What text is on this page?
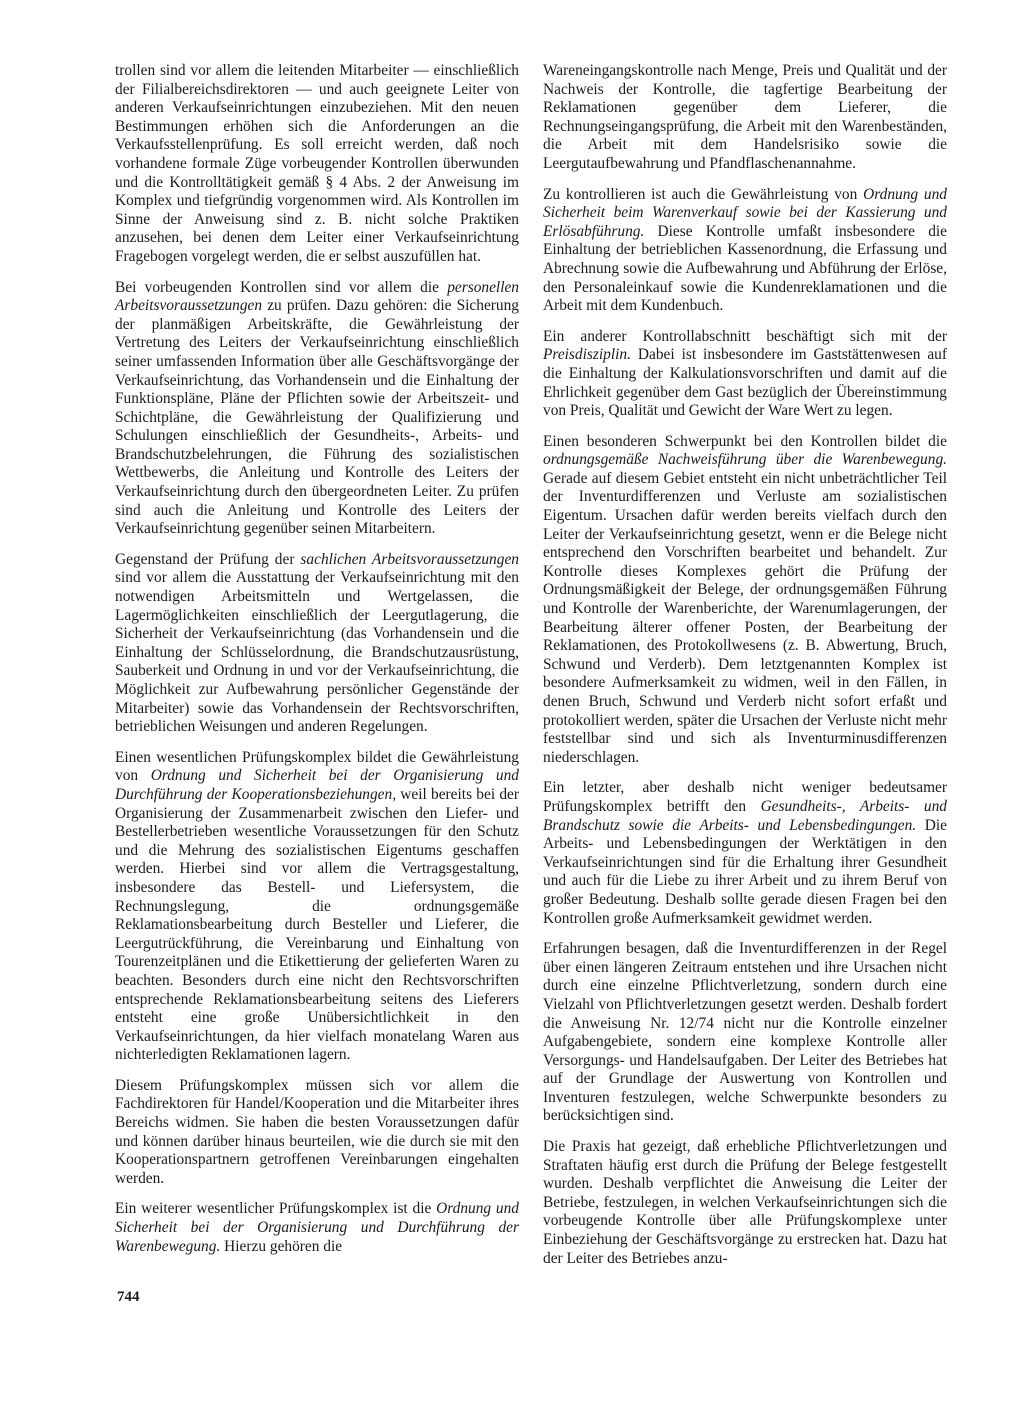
trollen sind vor allem die leitenden Mitarbeiter — einschließlich der Filialbereichsdirektoren — und auch geeignete Leiter von anderen Verkaufseinrichtungen einzubeziehen. Mit den neuen Bestimmungen erhöhen sich die Anforderungen an die Verkaufsstellenprüfung. Es soll erreicht werden, daß noch vorhandene formale Züge vorbeugender Kontrollen überwunden und die Kontrolltätigkeit gemäß § 4 Abs. 2 der Anweisung im Komplex und tiefgründig vorgenommen wird. Als Kontrollen im Sinne der Anweisung sind z. B. nicht solche Praktiken anzusehen, bei denen dem Leiter einer Verkaufseinrichtung Fragebogen vorgelegt werden, die er selbst auszufüllen hat.

Bei vorbeugenden Kontrollen sind vor allem die personellen Arbeitsvoraussetzungen zu prüfen. Dazu gehören: die Sicherung der planmäßigen Arbeitskräfte, die Gewährleistung der Vertretung des Leiters der Verkaufseinrichtung einschließlich seiner umfassenden Information über alle Geschäftsvorgänge der Verkaufseinrichtung, das Vorhandensein und die Einhaltung der Funktionspläne, Pläne der Pflichten sowie der Arbeitszeit- und Schichtpläne, die Gewährleistung der Qualifizierung und Schulungen einschließlich der Gesundheits-, Arbeits- und Brandschutzbelehrungen, die Führung des sozialistischen Wettbewerbs, die Anleitung und Kontrolle des Leiters der Verkaufseinrichtung durch den übergeordneten Leiter. Zu prüfen sind auch die Anleitung und Kontrolle des Leiters der Verkaufseinrichtung gegenüber seinen Mitarbeitern.

Gegenstand der Prüfung der sachlichen Arbeitsvoraussetzungen sind vor allem die Ausstattung der Verkaufseinrichtung mit den notwendigen Arbeitsmitteln und Wertgelassen, die Lagermöglichkeiten einschließlich der Leergutlagerung, die Sicherheit der Verkaufseinrichtung (das Vorhandensein und die Einhaltung der Schlüsselordnung, die Brandschutzausrüstung, Sauberkeit und Ordnung in und vor der Verkaufseinrichtung, die Möglichkeit zur Aufbewahrung persönlicher Gegenstände der Mitarbeiter) sowie das Vorhandensein der Rechtsvorschriften, betrieblichen Weisungen und anderen Regelungen.

Einen wesentlichen Prüfungskomplex bildet die Gewährleistung von Ordnung und Sicherheit bei der Organisierung und Durchführung der Kooperationsbeziehungen, weil bereits bei der Organisierung der Zusammenarbeit zwischen den Liefer- und Bestellerbetrieben wesentliche Voraussetzungen für den Schutz und die Mehrung des sozialistischen Eigentums geschaffen werden. Hierbei sind vor allem die Vertragsgestaltung, insbesondere das Bestell- und Liefersystem, die Rechnungslegung, die ordnungsgemäße Reklamationsbearbeitung durch Besteller und Lieferer, die Leergutrückführung, die Vereinbarung und Einhaltung von Tourenzeitplänen und die Etikettierung der gelieferten Waren zu beachten. Besonders durch eine nicht den Rechtsvorschriften entsprechende Reklamationsbearbeitung seitens des Lieferers entsteht eine große Unübersichtlichkeit in den Verkaufseinrichtungen, da hier vielfach monatelang Waren aus nichterledigten Reklamationen lagern.

Diesem Prüfungskomplex müssen sich vor allem die Fachdirektoren für Handel/Kooperation und die Mitarbeiter ihres Bereichs widmen. Sie haben die besten Voraussetzungen dafür und können darüber hinaus beurteilen, wie die durch sie mit den Kooperationspartnern getroffenen Vereinbarungen eingehalten werden.

Ein weiterer wesentlicher Prüfungskomplex ist die Ordnung und Sicherheit bei der Organisierung und Durchführung der Warenbewegung. Hierzu gehören die

Wareneingangskontrolle nach Menge, Preis und Qualität und der Nachweis der Kontrolle, die tagfertige Bearbeitung der Reklamationen gegenüber dem Lieferer, die Rechnungseingangsprüfung, die Arbeit mit den Warenbeständen, die Arbeit mit dem Handelsrisiko sowie die Leergutaufbewahrung und Pfandflaschenannahme.

Zu kontrollieren ist auch die Gewährleistung von Ordnung und Sicherheit beim Warenverkauf sowie bei der Kassierung und Erlösabführung. Diese Kontrolle umfaßt insbesondere die Einhaltung der betrieblichen Kassenordnung, die Erfassung und Abrechnung sowie die Aufbewahrung und Abführung der Erlöse, den Personaleinkauf sowie die Kundenreklamationen und die Arbeit mit dem Kundenbuch.

Ein anderer Kontrollabschnitt beschäftigt sich mit der Preisdisziplin. Dabei ist insbesondere im Gaststättenwesen auf die Einhaltung der Kalkulationsvorschriften und damit auf die Ehrlichkeit gegenüber dem Gast bezüglich der Übereinstimmung von Preis, Qualität und Gewicht der Ware Wert zu legen.

Einen besonderen Schwerpunkt bei den Kontrollen bildet die ordnungsgemäße Nachweisführung über die Warenbewegung. Gerade auf diesem Gebiet entsteht ein nicht unbeträchtlicher Teil der Inventurdifferenzen und Verluste am sozialistischen Eigentum. Ursachen dafür werden bereits vielfach durch den Leiter der Verkaufseinrichtung gesetzt, wenn er die Belege nicht entsprechend den Vorschriften bearbeitet und behandelt. Zur Kontrolle dieses Komplexes gehört die Prüfung der Ordnungsmäßigkeit der Belege, der ordnungsgemäßen Führung und Kontrolle der Warenberichte, der Warenumlagerungen, der Bearbeitung älterer offener Posten, der Bearbeitung der Reklamationen, des Protokollwesens (z. B. Abwertung, Bruch, Schwund und Verderb). Dem letztgenannten Komplex ist besondere Aufmerksamkeit zu widmen, weil in den Fällen, in denen Bruch, Schwund und Verderb nicht sofort erfaßt und protokolliert werden, später die Ursachen der Verluste nicht mehr feststellbar sind und sich als Inventurminusdifferenzen niederschlagen.

Ein letzter, aber deshalb nicht weniger bedeutsamer Prüfungskomplex betrifft den Gesundheits-, Arbeits- und Brandschutz sowie die Arbeits- und Lebensbedingungen. Die Arbeits- und Lebensbedingungen der Werktätigen in den Verkaufseinrichtungen sind für die Erhaltung ihrer Gesundheit und auch für die Liebe zu ihrer Arbeit und zu ihrem Beruf von großer Bedeutung. Deshalb sollte gerade diesen Fragen bei den Kontrollen große Aufmerksamkeit gewidmet werden.

Erfahrungen besagen, daß die Inventurdifferenzen in der Regel über einen längeren Zeitraum entstehen und ihre Ursachen nicht durch eine einzelne Pflichtverletzung, sondern durch eine Vielzahl von Pflichtverletzungen gesetzt werden. Deshalb fordert die Anweisung Nr. 12/74 nicht nur die Kontrolle einzelner Aufgabengebiete, sondern eine komplexe Kontrolle aller Versorgungs- und Handelsaufgaben. Der Leiter des Betriebes hat auf der Grundlage der Auswertung von Kontrollen und Inventuren festzulegen, welche Schwerpunkte besonders zu berücksichtigen sind.

Die Praxis hat gezeigt, daß erhebliche Pflichtverletzungen und Straftaten häufig erst durch die Prüfung der Belege festgestellt wurden. Deshalb verpflichtet die Anweisung die Leiter der Betriebe, festzulegen, in welchen Verkaufseinrichtungen sich die vorbeugende Kontrolle über alle Prüfungskomplexe unter Einbeziehung der Geschäftsvorgänge zu erstrecken hat. Dazu hat der Leiter des Betriebes anzu-

744
